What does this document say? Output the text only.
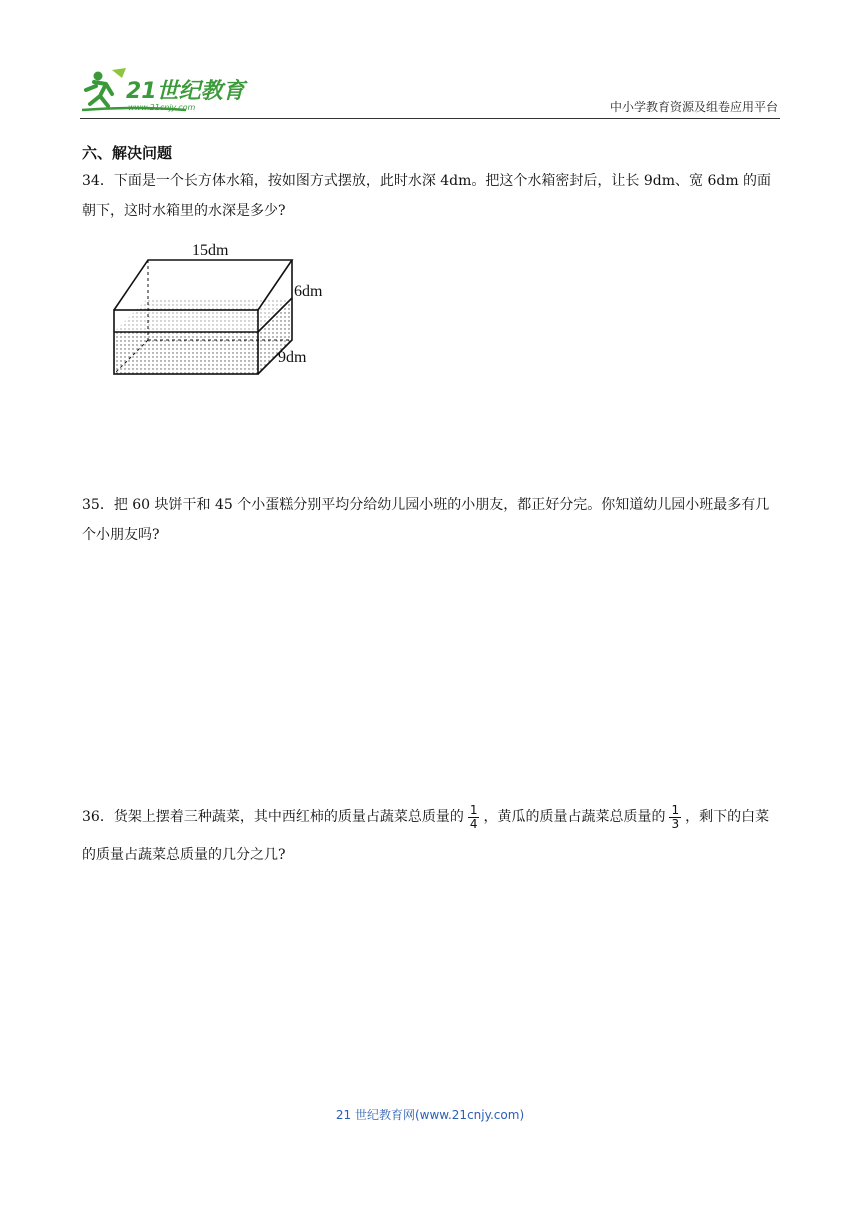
21世纪教育
www.21cnjy.com	中小学教育资源及组卷应用平台
六、解决问题

34．下面是一个长方体水箱，按如图方式摆放，此时水深 4dm。把这个水箱密封后，让长 9dm、宽 6dm 的面朝下，这时水箱里的水深是多少?

15dm
6dm
9dm

35．把 60 块饼干和 45 个小蛋糕分别平均分给幼儿园小班的小朋友，都正好分完。你知道幼儿园小班最多有几个小朋友吗?

36．货架上摆着三种蔬菜，其中西红柿的质量占蔬菜总质量的 $\frac{1}{4}$ ，黄瓜的质量占蔬菜总质量的 $\frac{1}{3}$ ，剩下的白菜的质量占蔬菜总质量的几分之几?

21 世纪教育网(www.21cnjy.com)
